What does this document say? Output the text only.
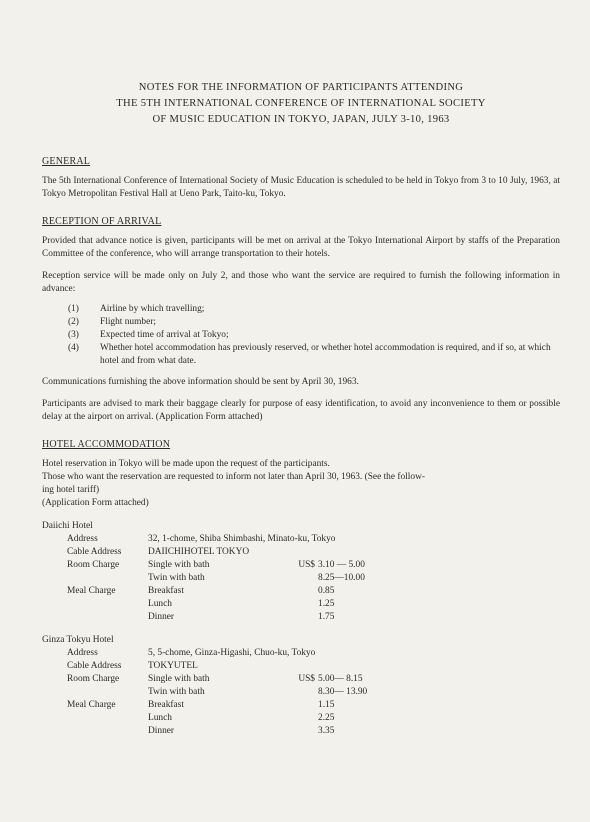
NOTES FOR THE INFORMATION OF PARTICIPANTS ATTENDING
THE 5TH INTERNATIONAL CONFERENCE OF INTERNATIONAL SOCIETY
OF MUSIC EDUCATION IN TOKYO, JAPAN, JULY 3-10, 1963
GENERAL

The 5th International Conference of International Society of Music Education is scheduled to be held in Tokyo from 3 to 10 July, 1963, at Tokyo Metropolitan Festival Hall at Ueno Park, Taito-ku, Tokyo.

RECEPTION OF ARRIVAL

Provided that advance notice is given, participants will be met on arrival at the Tokyo International Airport by staffs of the Preparation Committee of the conference, who will arrange transportation to their hotels.

Reception service will be made only on July 2, and those who want the service are required to furnish the following information in advance:

(1) Airline by which travelling;
(2) Flight number;
(3) Expected time of arrival at Tokyo;
(4) Whether hotel accommodation has previously reserved, or whether hotel accommodation is required, and if so, at which hotel and from what date.

Communications furnishing the above information should be sent by April 30, 1963.

Participants are advised to mark their baggage clearly for purpose of easy identification, to avoid any inconvenience to them or possible delay at the airport on arrival. (Application Form attached)

HOTEL ACCOMMODATION
Hotel reservation in Tokyo will be made upon the request of the participants.
Those who want the reservation are requested to inform not later than April 30, 1963. (See the follow-
ing hotel tariff)
(Application Form attached)
Daiichi Hotel
Address	32, 1-chome, Shiba Shimbashi, Minato-ku, Tokyo
Cable Address	DAIICHIHOTEL TOKYO
Room Charge	Single with bath	US$ 3.10 — 5.00
Twin with bath	8.25—10.00
Meal Charge	Breakfast	0.85
Lunch	1.25
Dinner	1.75
Ginza Tokyu Hotel
Address	5, 5-chome, Ginza-Higashi, Chuo-ku, Tokyo
Cable Address	TOKYUTEL
Room Charge	Single with bath	US$ 5.00— 8.15
Twin with bath	8.30— 13.90
Meal Charge	Breakfast	1.15
Lunch	2.25
Dinner	3.35
